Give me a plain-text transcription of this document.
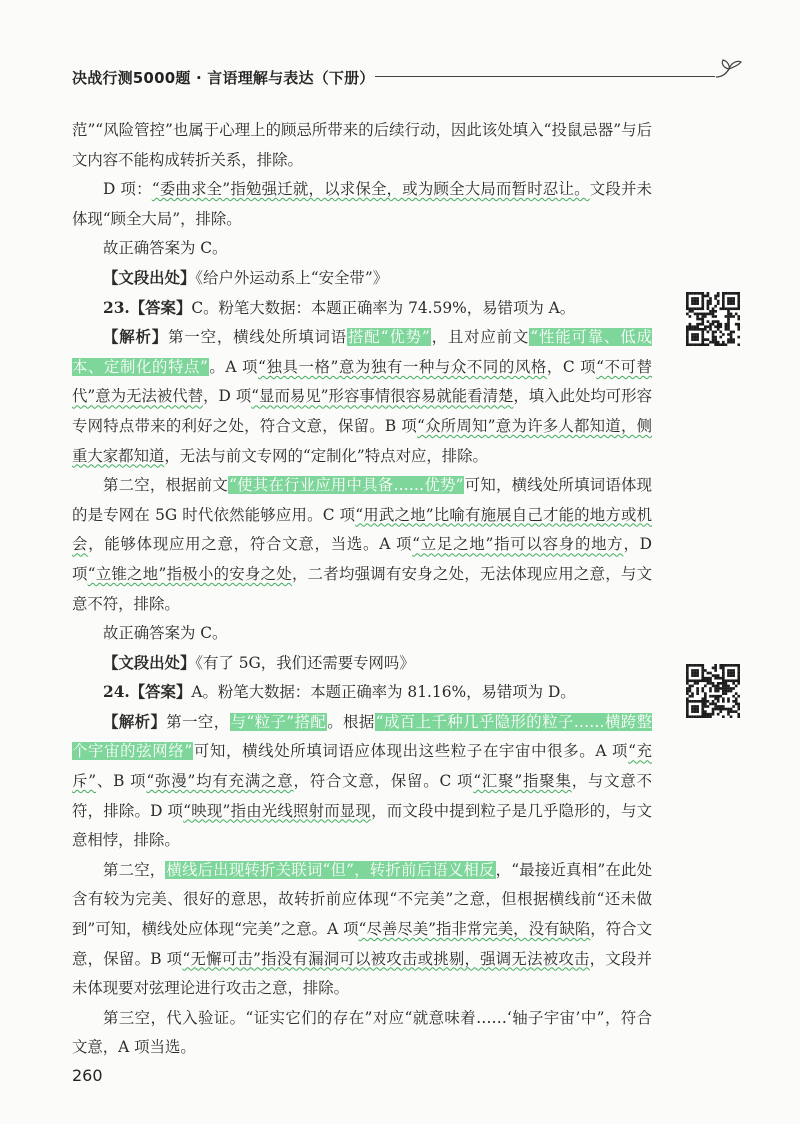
决战行测5000题 · 言语理解与表达（下册）

范”“风险管控”也属于心理上的顾忌所带来的后续行动，因此该处填入“投鼠忌器”与后文内容不能构成转折关系，排除。

D 项：“委曲求全”指勉强迁就，以求保全，或为顾全大局而暂时忍让。文段并未体现“顾全大局”，排除。

故正确答案为 C。

【文段出处】《给户外运动系上“安全带”》

23.【答案】C。粉笔大数据：本题正确率为 74.59%，易错项为 A。

【解析】第一空，横线处所填词语搭配“优势”，且对应前文“性能可靠、低成本、定制化的特点”。A 项“独具一格”意为独有一种与众不同的风格，C 项“不可替代”意为无法被代替，D 项“显而易见”形容事情很容易就能看清楚，填入此处均可形容专网特点带来的利好之处，符合文意，保留。B 项“众所周知”意为许多人都知道，侧重大家都知道，无法与前文专网的“定制化”特点对应，排除。

第二空，根据前文“使其在行业应用中具备……优势”可知，横线处所填词语体现的是专网在 5G 时代依然能够应用。C 项“用武之地”比喻有施展自己才能的地方或机会，能够体现应用之意，符合文意，当选。A 项“立足之地”指可以容身的地方，D 项“立锥之地”指极小的安身之处，二者均强调有安身之处，无法体现应用之意，与文意不符，排除。

故正确答案为 C。

【文段出处】《有了 5G，我们还需要专网吗》

24.【答案】A。粉笔大数据：本题正确率为 81.16%，易错项为 D。

【解析】第一空，与“粒子”搭配。根据“成百上千种几乎隐形的粒子……横跨整个宇宙的弦网络”可知，横线处所填词语应体现出这些粒子在宇宙中很多。A 项“充斥”、B 项“弥漫”均有充满之意，符合文意，保留。C 项“汇聚”指聚集，与文意不符，排除。D 项“映现”指由光线照射而显现，而文段中提到粒子是几乎隐形的，与文意相悖，排除。

第二空，横线后出现转折关联词“但”，转折前后语义相反，“最接近真相”在此处含有较为完美、很好的意思，故转折前应体现“不完美”之意，但根据横线前“还未做到”可知，横线处应体现“完美”之意。A 项“尽善尽美”指非常完美，没有缺陷，符合文意，保留。B 项“无懈可击”指没有漏洞可以被攻击或挑剔，强调无法被攻击，文段并未体现要对弦理论进行攻击之意，排除。

第三空，代入验证。“证实它们的存在”对应“就意味着……‘轴子宇宙’中”，符合文意，A 项当选。

260
